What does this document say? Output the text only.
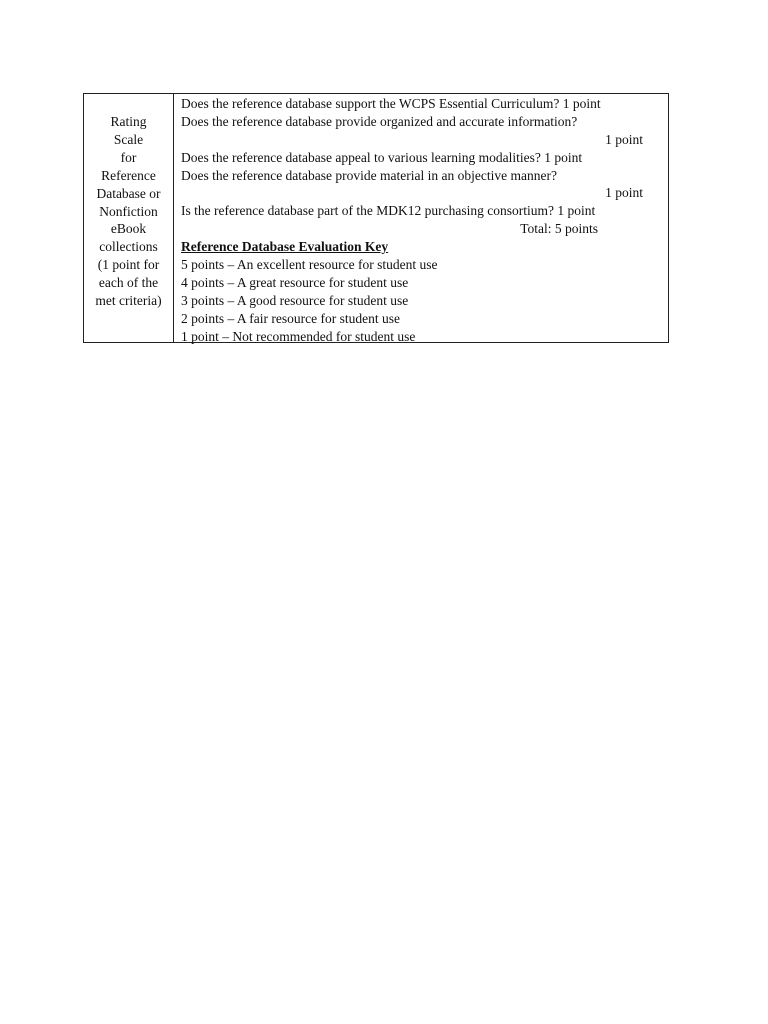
Rating
Scale
for
Reference
Database or
Nonfiction
eBook
collections
(1 point for
each of the
met criteria)
Does the reference database support the WCPS Essential Curriculum? 1 point
Does the reference database provide organized and accurate information?
1 point
Does the reference database appeal to various learning modalities? 1 point
Does the reference database provide material in an objective manner?
1 point
Is the reference database part of the MDK12 purchasing consortium? 1 point
Total: 5 points
Reference Database Evaluation Key
5 points – An excellent resource for student use
4 points – A great resource for student use
3 points – A good resource for student use
2 points – A fair resource for student use
1 point – Not recommended for student use
